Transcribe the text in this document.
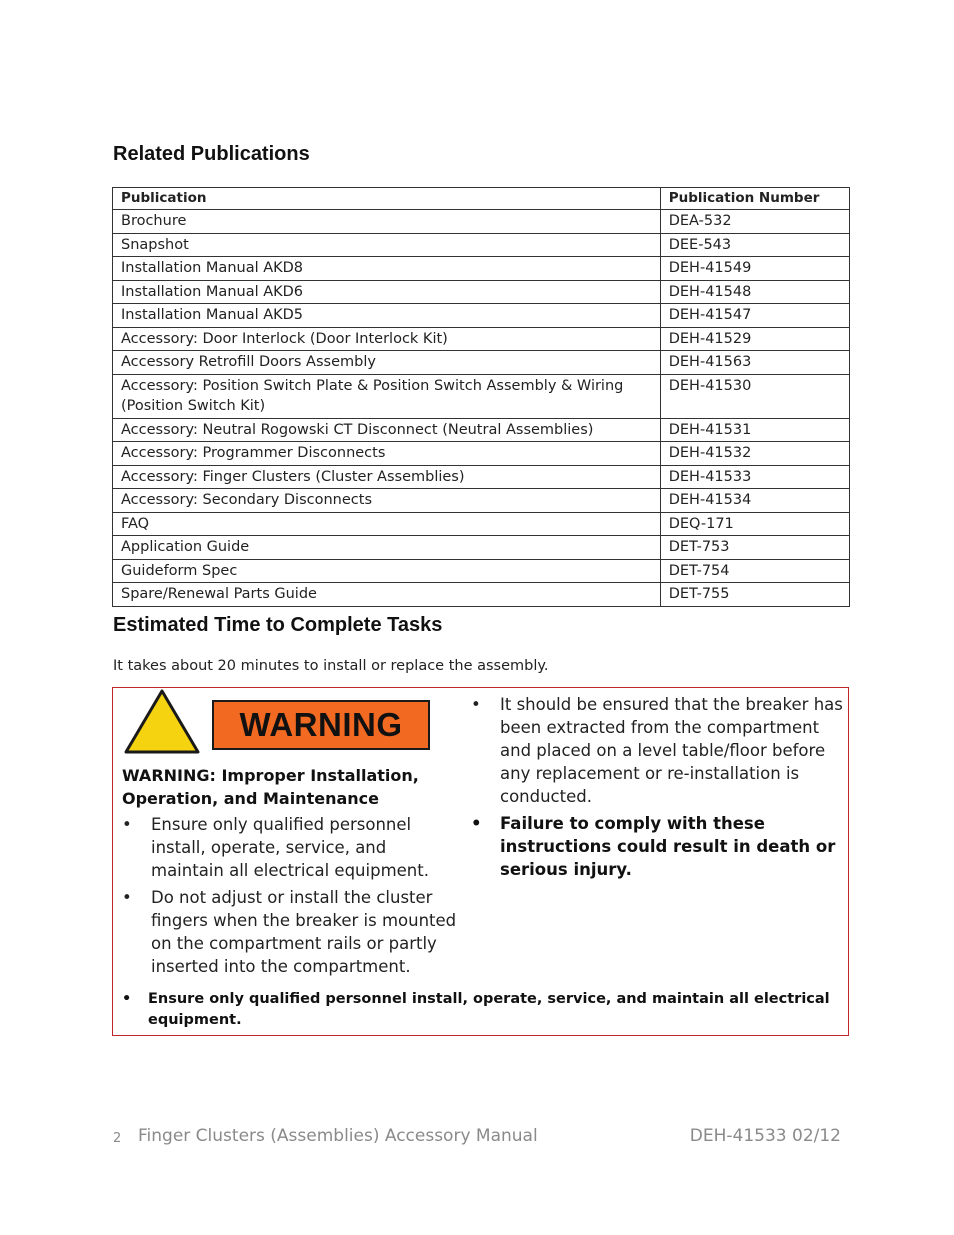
Related Publications
Publication	Publication Number
Brochure	DEA-532
Snapshot	DEE-543
Installation Manual AKD8	DEH-41549
Installation Manual AKD6	DEH-41548
Installation Manual AKD5	DEH-41547
Accessory: Door Interlock (Door Interlock Kit)	DEH-41529
Accessory Retrofill Doors Assembly	DEH-41563
Accessory: Position Switch Plate & Position Switch Assembly & Wiring (Position Switch Kit)	DEH-41530
Accessory: Neutral Rogowski CT Disconnect (Neutral Assemblies)	DEH-41531
Accessory: Programmer Disconnects	DEH-41532
Accessory: Finger Clusters (Cluster Assemblies)	DEH-41533
Accessory: Secondary Disconnects	DEH-41534
FAQ	DEQ-171
Application Guide	DET-753
Guideform Spec	DET-754
Spare/Renewal Parts Guide	DET-755
Estimated Time to Complete Tasks

It takes about 20 minutes to install or replace the assembly.

WARNING

WARNING: Improper Installation, Operation, and Maintenance

• Ensure only qualified personnel install, operate, service, and maintain all electrical equipment.
• Do not adjust or install the cluster fingers when the breaker is mounted on the compartment rails or partly inserted into the compartment.
• It should be ensured that the breaker has been extracted from the compartment and placed on a level table/floor before any replacement or re-installation is conducted.
• Failure to comply with these instructions could result in death or serious injury.

• Ensure only qualified personnel install, operate, service, and maintain all electrical equipment.

2 Finger Clusters (Assemblies) Accessory Manual	DEH-41533 02/12
